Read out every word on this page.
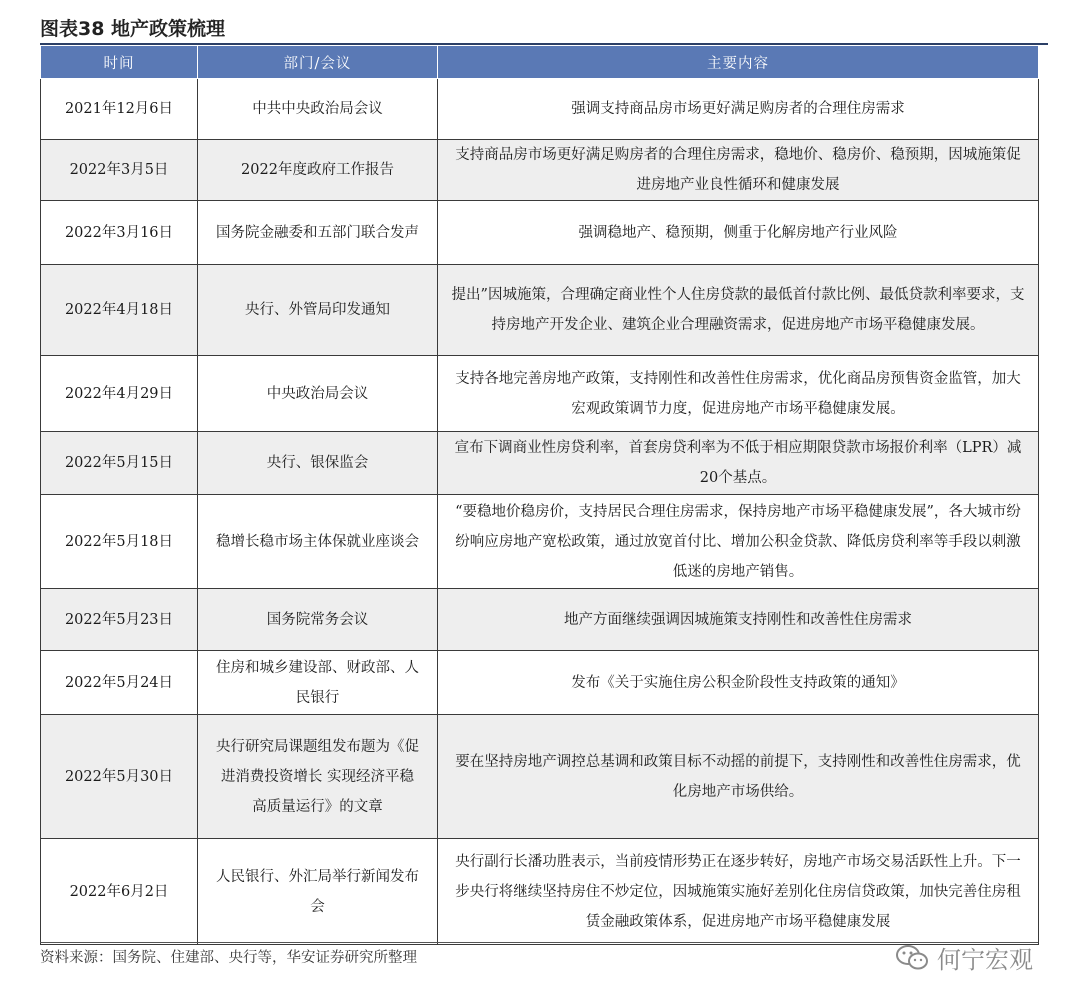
图表38 地产政策梳理
时间	部门/会议	主要内容
2021年12月6日	中共中央政治局会议	强调支持商品房市场更好满足购房者的合理住房需求
2022年3月5日	2022年度政府工作报告	支持商品房市场更好满足购房者的合理住房需求，稳地价、稳房价、稳预期，因城施策促进房地产业良性循环和健康发展
2022年3月16日	国务院金融委和五部门联合发声	强调稳地产、稳预期，侧重于化解房地产行业风险
2022年4月18日	央行、外管局印发通知	提出”因城施策，合理确定商业性个人住房贷款的最低首付款比例、最低贷款利率要求，支持房地产开发企业、建筑企业合理融资需求，促进房地产市场平稳健康发展。
2022年4月29日	中央政治局会议	支持各地完善房地产政策，支持刚性和改善性住房需求，优化商品房预售资金监管，加大宏观政策调节力度，促进房地产市场平稳健康发展。
2022年5月15日	央行、银保监会	宣布下调商业性房贷利率，首套房贷利率为不低于相应期限贷款市场报价利率（LPR）减20个基点。
2022年5月18日	稳增长稳市场主体保就业座谈会	“要稳地价稳房价，支持居民合理住房需求，保持房地产市场平稳健康发展”，各大城市纷纷响应房地产宽松政策，通过放宽首付比、增加公积金贷款、降低房贷利率等手段以刺激低迷的房地产销售。
2022年5月23日	国务院常务会议	地产方面继续强调因城施策支持刚性和改善性住房需求
2022年5月24日	住房和城乡建设部、财政部、人民银行	发布《关于实施住房公积金阶段性支持政策的通知》
2022年5月30日	央行研究局课题组发布题为《促进消费投资增长 实现经济平稳高质量运行》的文章	要在坚持房地产调控总基调和政策目标不动摇的前提下，支持刚性和改善性住房需求，优化房地产市场供给。
2022年6月2日	人民银行、外汇局举行新闻发布会	央行副行长潘功胜表示，当前疫情形势正在逐步转好，房地产市场交易活跃性上升。下一步央行将继续坚持房住不炒定位，因城施策实施好差别化住房信贷政策，加快完善住房租赁金融政策体系，促进房地产市场平稳健康发展
资料来源：国务院、住建部、央行等，华安证券研究所整理	何宁宏观
